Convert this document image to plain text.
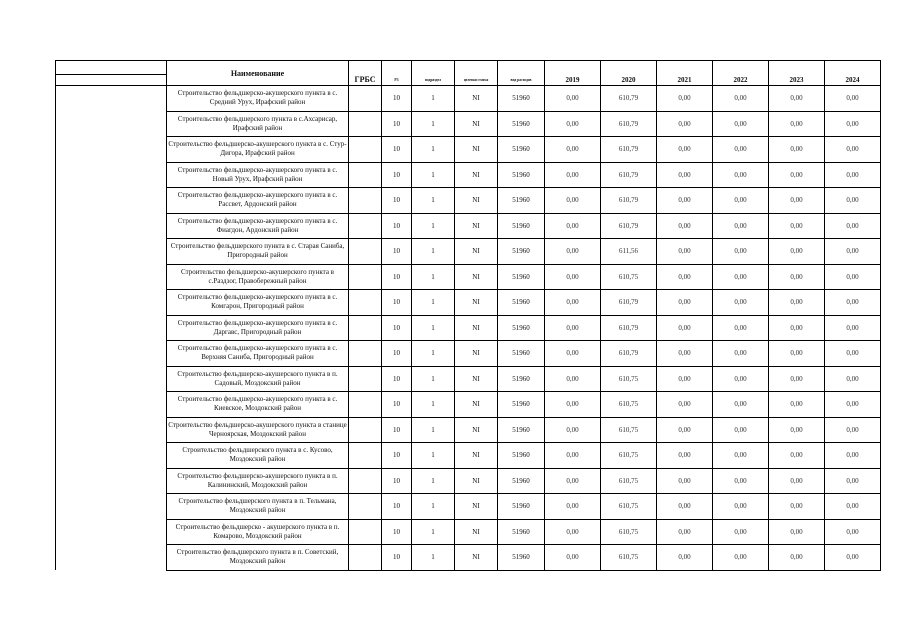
	Наименование											
		ГРБС	РЗ	подраздел	целевая статья	вид расходов	2019	2020	2021	2022	2023	2024
	Строительство фельдшерско-акушерского пункта в с. Средний Урух, Ирафский район		10	1	NI	51960	0,00	610,79	0,00	0,00	0,00	0,00
	Строительство фельдшерского пункта в с.Ахсарисар, Ирафский район		10	1	NI	51960	0,00	610,79	0,00	0,00	0,00	0,00
	Строительство фельдшерско-акушерского пункта в с. Стур-Дигора, Ирафский район		10	1	NI	51960	0,00	610,79	0,00	0,00	0,00	0,00
	Строительство фельдшерско-акушерского пункта в с. Новый Урух, Ирафский район		10	1	NI	51960	0,00	610,79	0,00	0,00	0,00	0,00
	Строительство фельдшерско-акушерского пункта в с. Рассвет, Ардонский район		10	1	NI	51960	0,00	610,79	0,00	0,00	0,00	0,00
	Строительство фельдшерско-акушерского пункта в с. Фиагдон, Ардонский район		10	1	NI	51960	0,00	610,79	0,00	0,00	0,00	0,00
	Строительство фельдшерского пункта в с. Старая Саниба, Пригородный район		10	1	NI	51960	0,00	611,56	0,00	0,00	0,00	0,00
	Строительство фельдшерско-акушерского пункта в с.Раздзог, Правобережный район		10	1	NI	51960	0,00	610,75	0,00	0,00	0,00	0,00
	Строительство фельдшерско-акушерского пункта в с. Комгарон, Пригородный район		10	1	NI	51960	0,00	610,79	0,00	0,00	0,00	0,00
	Строительство фельдшерско-акушерского пункта в с. Даргавс, Пригородный район		10	1	NI	51960	0,00	610,79	0,00	0,00	0,00	0,00
	Строительство фельдшерско-акушерского пункта в с. Верхняя Саниба, Пригородный район		10	1	NI	51960	0,00	610,79	0,00	0,00	0,00	0,00
	Строительство фельдшерско-акушерского пункта в п. Садовый, Моздокский район		10	1	NI	51960	0,00	610,75	0,00	0,00	0,00	0,00
	Строительство фельдшерско-акушерского пункта в с. Киевское, Моздокский район		10	1	NI	51960	0,00	610,75	0,00	0,00	0,00	0,00
	Строительство фельдшерско-акушерского пункта в станице Черноярская, Моздокский район		10	1	NI	51960	0,00	610,75	0,00	0,00	0,00	0,00
	Строительство фельдшерского пункта в с. Кусово, Моздокский район		10	1	NI	51960	0,00	610,75	0,00	0,00	0,00	0,00
	Строительство фельдшерско-акушерского пункта в п. Калининский, Моздокский район		10	1	NI	51960	0,00	610,75	0,00	0,00	0,00	0,00
	Строительство фельдшерского пункта в п. Тельмана, Моздокский район		10	1	NI	51960	0,00	610,75	0,00	0,00	0,00	0,00
	Строительство фельдшерско - акушерского пункта в п. Комарово, Моздокский район		10	1	NI	51960	0,00	610,75	0,00	0,00	0,00	0,00
	Строительство фельдшерского пункта в п. Советский, Моздокский район		10	1	NI	51960	0,00	610,75	0,00	0,00	0,00	0,00
